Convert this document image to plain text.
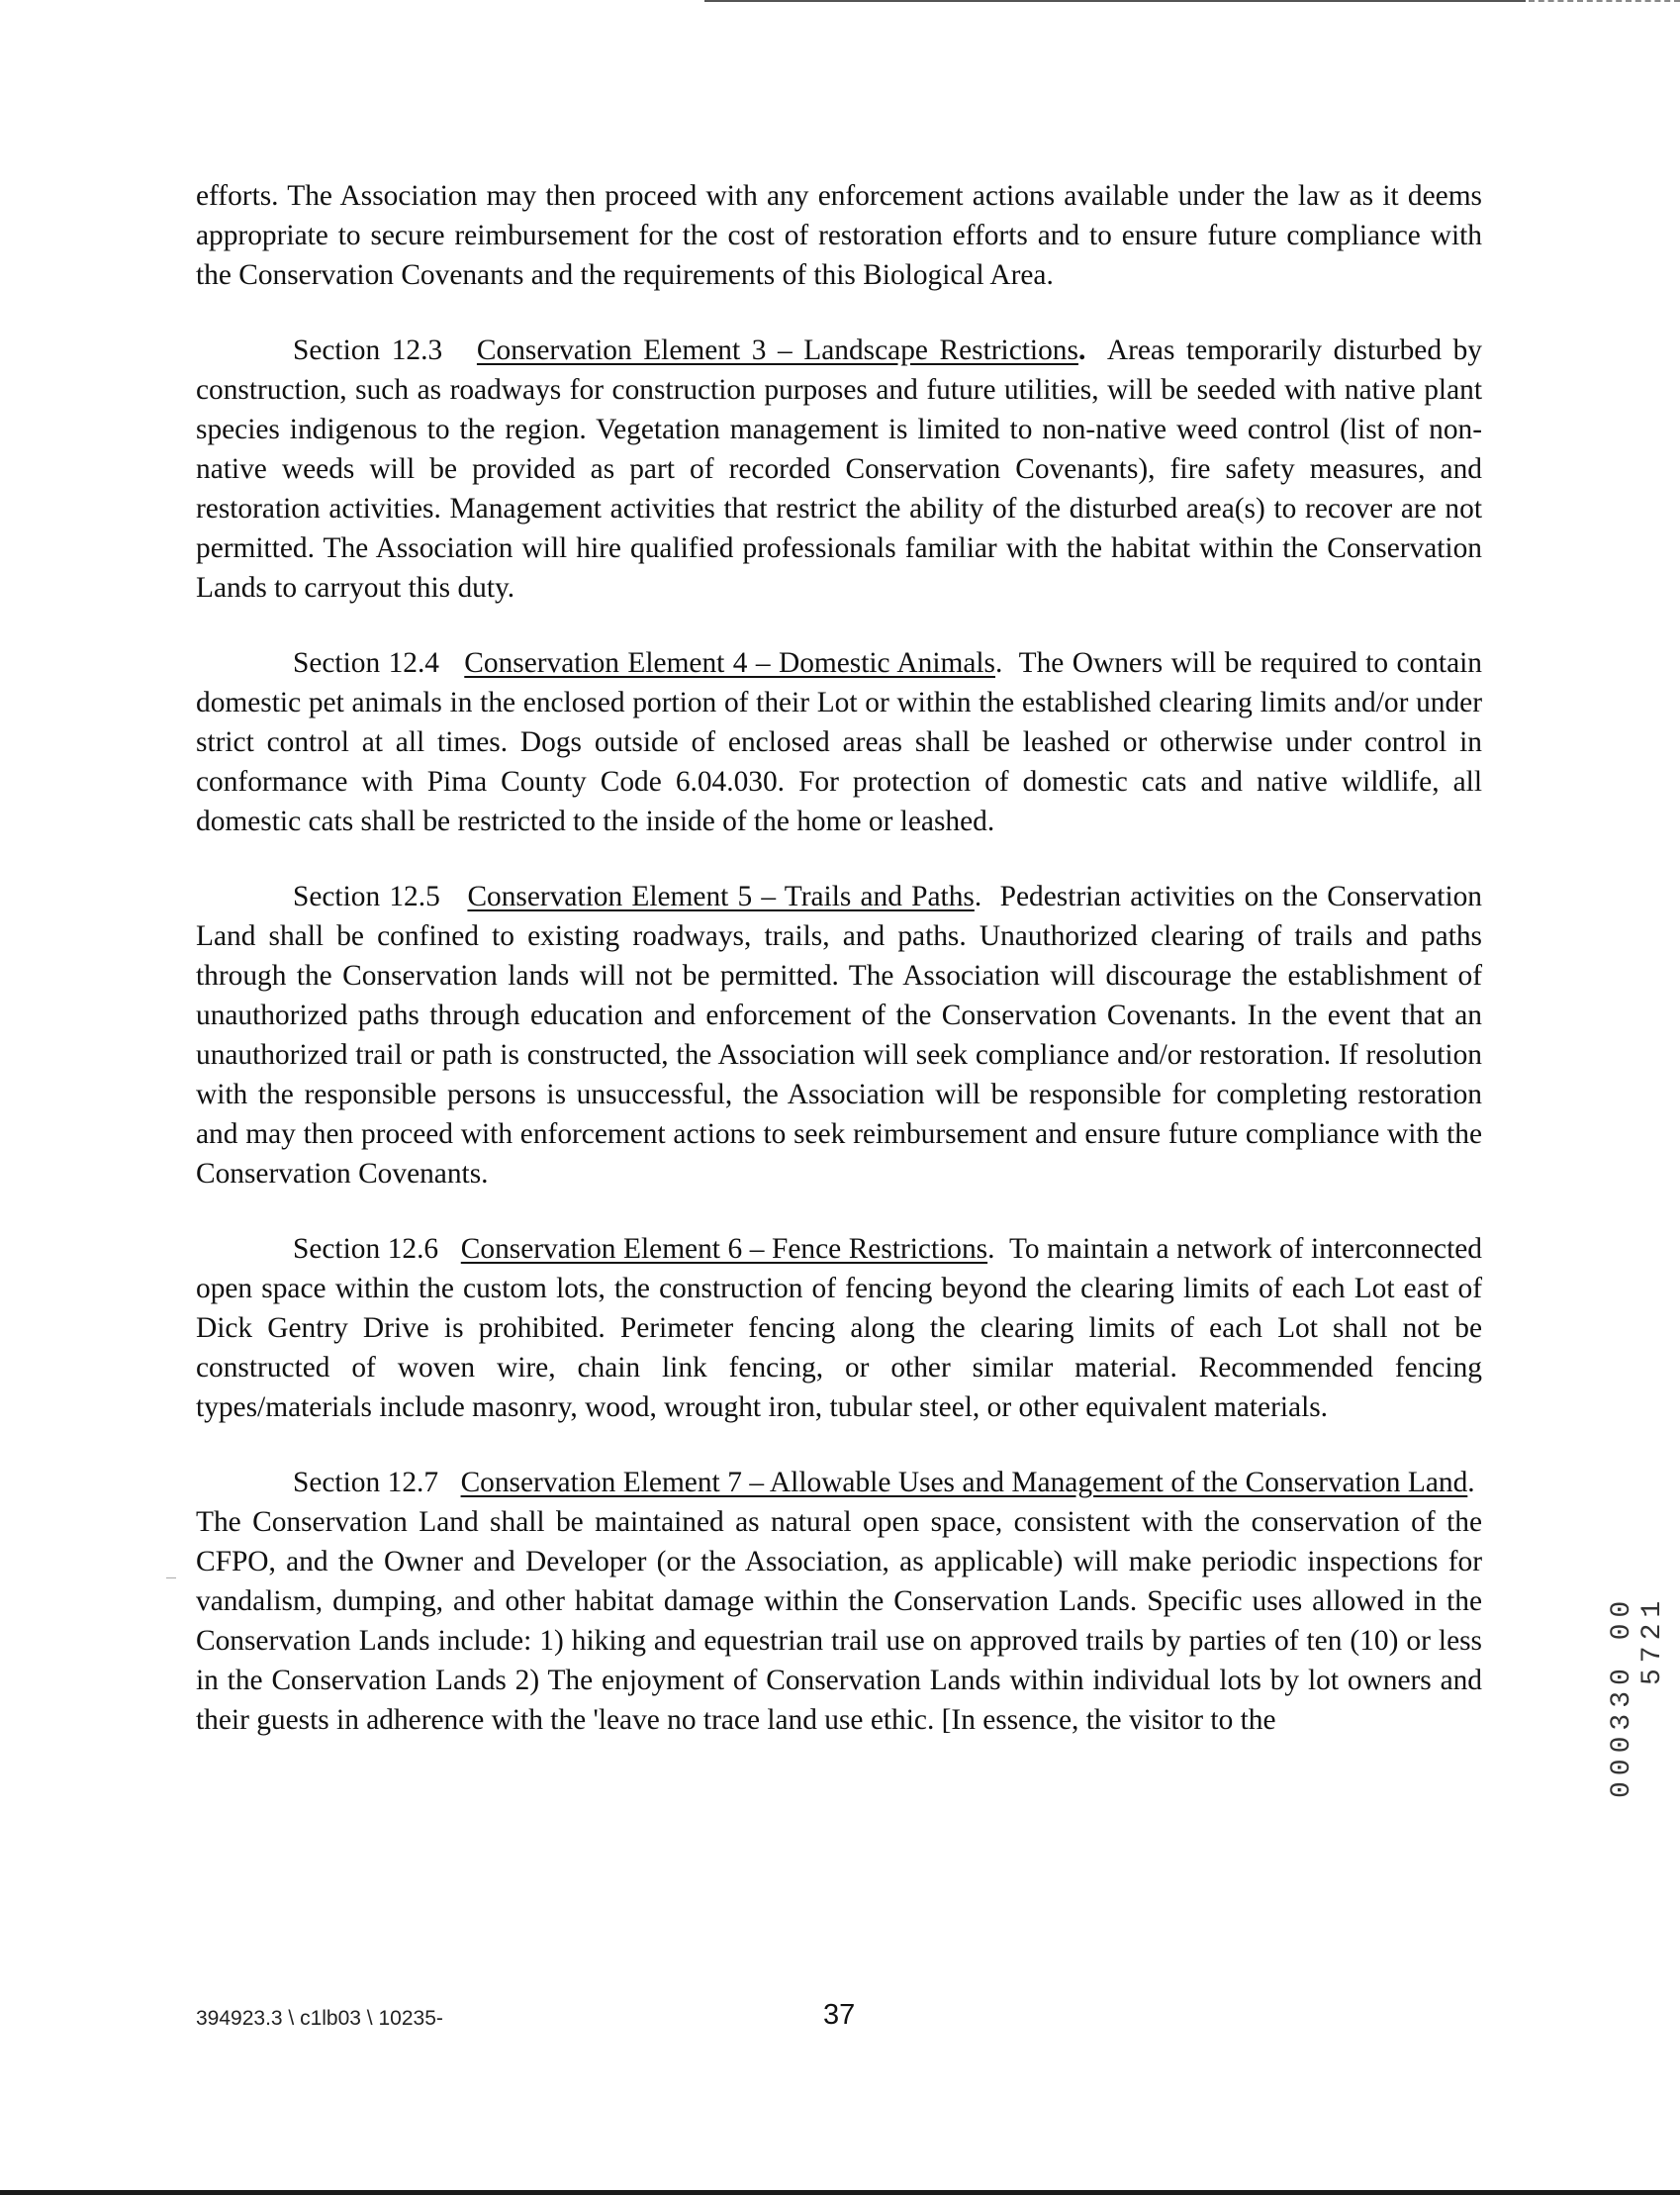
efforts. The Association may then proceed with any enforcement actions available under the law as it deems appropriate to secure reimbursement for the cost of restoration efforts and to ensure future compliance with the Conservation Covenants and the requirements of this Biological Area.

Section 12.3 Conservation Element 3 – Landscape Restrictions. Areas temporarily disturbed by construction, such as roadways for construction purposes and future utilities, will be seeded with native plant species indigenous to the region. Vegetation management is limited to non-native weed control (list of non-native weeds will be provided as part of recorded Conservation Covenants), fire safety measures, and restoration activities. Management activities that restrict the ability of the disturbed area(s) to recover are not permitted. The Association will hire qualified professionals familiar with the habitat within the Conservation Lands to carryout this duty.

Section 12.4 Conservation Element 4 – Domestic Animals. The Owners will be required to contain domestic pet animals in the enclosed portion of their Lot or within the established clearing limits and/or under strict control at all times. Dogs outside of enclosed areas shall be leashed or otherwise under control in conformance with Pima County Code 6.04.030. For protection of domestic cats and native wildlife, all domestic cats shall be restricted to the inside of the home or leashed.

Section 12.5 Conservation Element 5 – Trails and Paths. Pedestrian activities on the Conservation Land shall be confined to existing roadways, trails, and paths. Unauthorized clearing of trails and paths through the Conservation lands will not be permitted. The Association will discourage the establishment of unauthorized paths through education and enforcement of the Conservation Covenants. In the event that an unauthorized trail or path is constructed, the Association will seek compliance and/or restoration. If resolution with the responsible persons is unsuccessful, the Association will be responsible for completing restoration and may then proceed with enforcement actions to seek reimbursement and ensure future compliance with the Conservation Covenants.

Section 12.6 Conservation Element 6 – Fence Restrictions. To maintain a network of interconnected open space within the custom lots, the construction of fencing beyond the clearing limits of each Lot east of Dick Gentry Drive is prohibited. Perimeter fencing along the clearing limits of each Lot shall not be constructed of woven wire, chain link fencing, or other similar material. Recommended fencing types/materials include masonry, wood, wrought iron, tubular steel, or other equivalent materials.

Section 12.7 Conservation Element 7 – Allowable Uses and Management of the Conservation Land.  The Conservation Land shall be maintained as natural open space, consistent with the conservation of the CFPO, and the Owner and Developer (or the Association, as applicable) will make periodic inspections for vandalism, dumping, and other habitat damage within the Conservation Lands. Specific uses allowed in the Conservation Lands include: 1) hiking and equestrian trail use on approved trails by parties of ten (10) or less in the Conservation Lands 2) The enjoyment of Conservation Lands within individual lots by lot owners and their guests in adherence with the 'leave no trace land use ethic. [In essence, the visitor to the	000330 00 5721
394923.3 \ c1lb03 \ 10235-	37
